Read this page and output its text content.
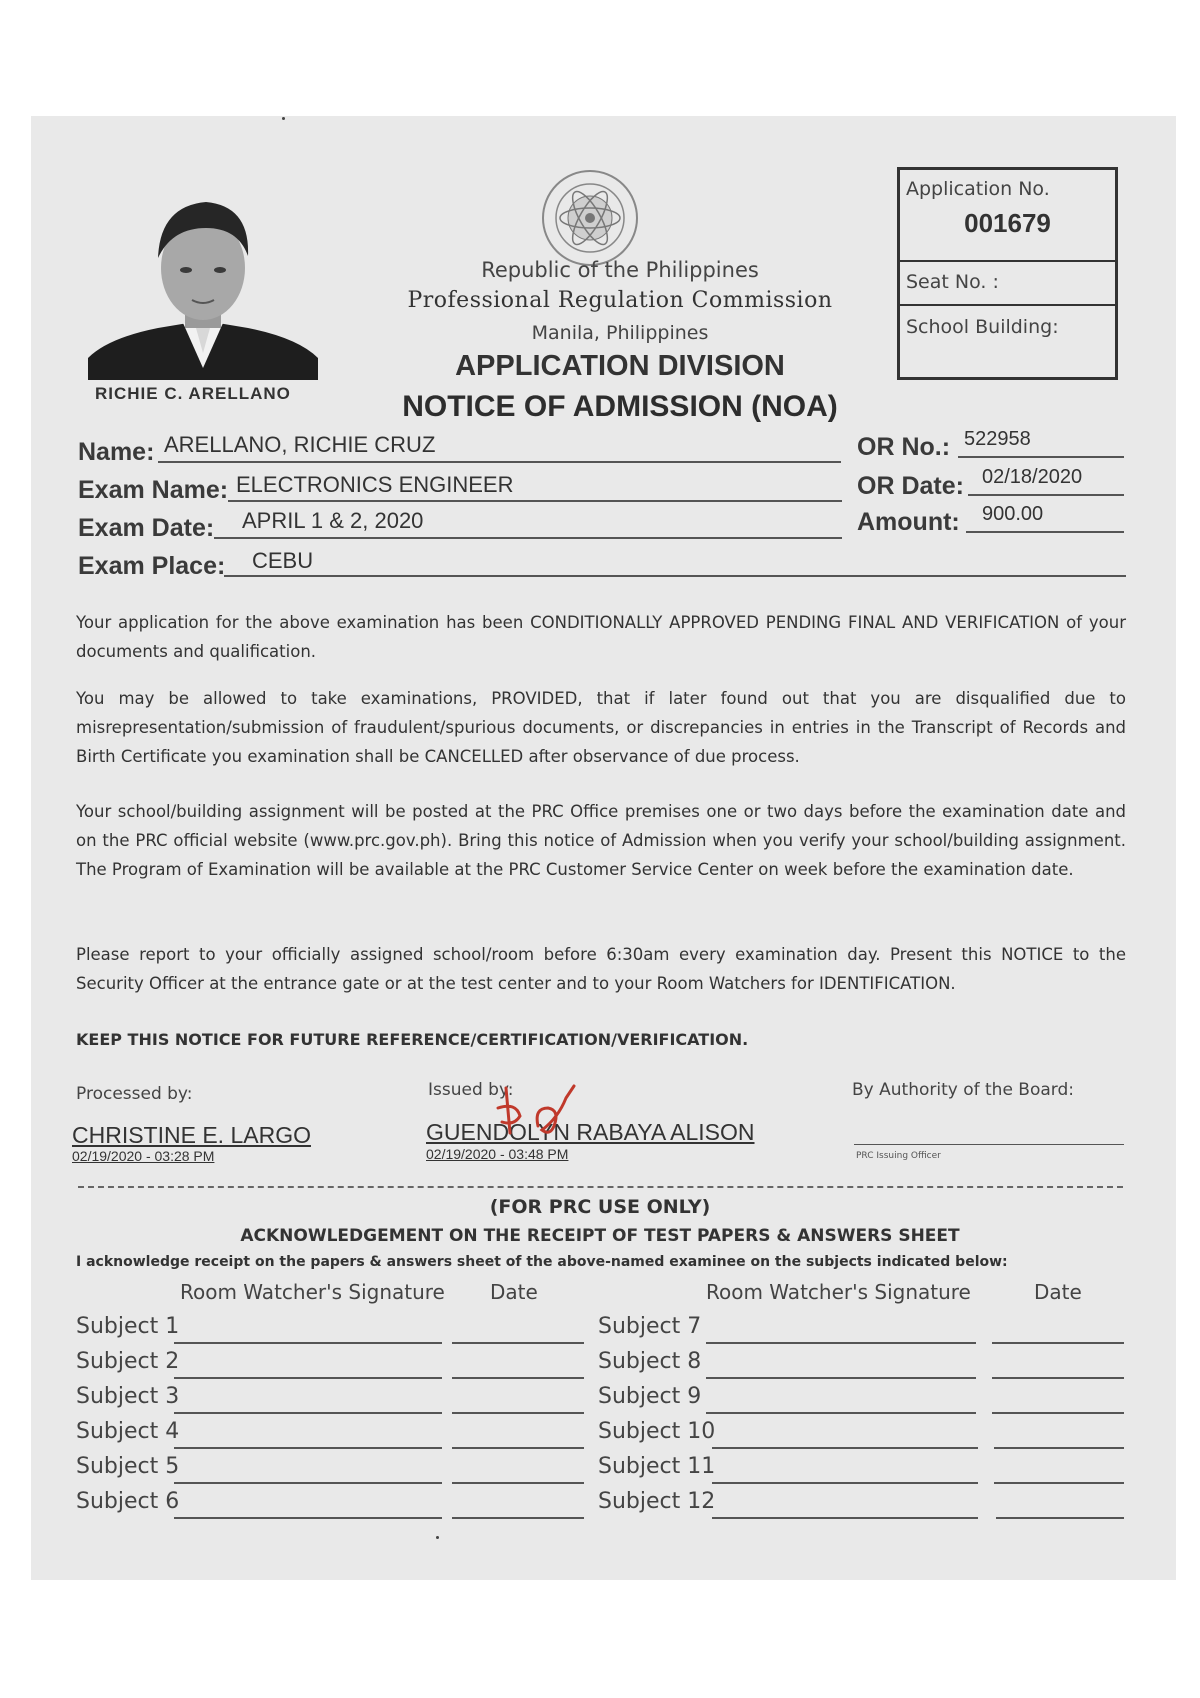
RICHIE C. ARELLANO
Republic of the Philippines
Professional Regulation Commission
Manila, Philippines
APPLICATION DIVISION
NOTICE OF ADMISSION (NOA)
Application No.
001679
Seat No. :
School Building:
Name: ARELLANO, RICHIE CRUZ
Exam Name: ELECTRONICS ENGINEER
Exam Date: APRIL 1 & 2, 2020
Exam Place: CEBU
OR No.: 522958
OR Date: 02/18/2020
Amount: 900.00
Your application for the above examination has been CONDITIONALLY APPROVED PENDING FINAL AND VERIFICATION of your documents and qualification.
You may be allowed to take examinations, PROVIDED, that if later found out that you are disqualified due to misrepresentation/submission of fraudulent/spurious documents, or discrepancies in entries in the Transcript of Records and Birth Certificate you examination shall be CANCELLED after observance of due process.
Your school/building assignment will be posted at the PRC Office premises one or two days before the examination date and on the PRC official website (www.prc.gov.ph). Bring this notice of Admission when you verify your school/building assignment. The Program of Examination will be available at the PRC Customer Service Center on week before the examination date.
Please report to your officially assigned school/room before 6:30am every examination day. Present this NOTICE to the Security Officer at the entrance gate or at the test center and to your Room Watchers for IDENTIFICATION.
KEEP THIS NOTICE FOR FUTURE REFERENCE/CERTIFICATION/VERIFICATION.
Processed by:
CHRISTINE E. LARGO
02/19/2020 - 03:28 PM
Issued by:
GUENDOLYN RABAYA ALISON
02/19/2020 - 03:48 PM
By Authority of the Board:
PRC Issuing Officer
(FOR PRC USE ONLY)
ACKNOWLEDGEMENT ON THE RECEIPT OF TEST PAPERS & ANSWERS SHEET
I acknowledge receipt on the papers & answers sheet of the above-named examinee on the subjects indicated below:
Room Watcher's Signature Date	Room Watcher's Signature	Date
Subject 1
Subject 2
Subject 3
Subject 4
Subject 5
Subject 6
Subject 7
Subject 8
Subject 9
Subject 10
Subject 11
Subject 12
